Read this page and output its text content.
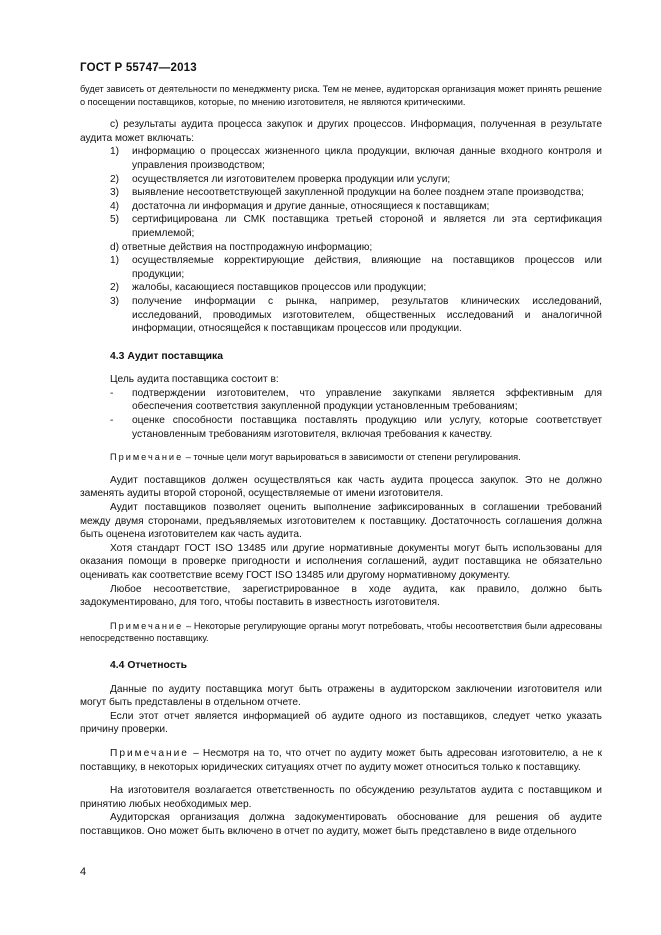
ГОСТ Р 55747—2013

будет зависеть от деятельности по менеджменту риска. Тем не менее, аудиторская организация может принять решение о посещении поставщиков, которые, по мнению изготовителя, не являются критическими.

c) результаты аудита процесса закупок и других процессов. Информация, полученная в результате аудита может включать:

1)	информацию о процессах жизненного цикла продукции, включая данные входного контроля и управления производством;
2)	осуществляется ли изготовителем проверка продукции или услуги;
3)	выявление несоответствующей закупленной продукции на более позднем этапе производства;
4)	достаточна ли информация и другие данные, относящиеся к поставщикам;
5)	сертифицирована ли СМК поставщика третьей стороной и является ли эта сертификация приемлемой;

d) ответные действия на постпродажную информацию;

1)	осуществляемые корректирующие действия, влияющие на поставщиков процессов или продукции;
2)	жалобы, касающиеся поставщиков процессов или продукции;
3)	получение информации с рынка, например, результатов клинических исследований, исследований, проводимых изготовителем, общественных исследований и аналогичной информации, относящейся к поставщикам процессов или продукции.

4.3 Аудит поставщика

Цель аудита поставщика состоит в:

-	подтверждении изготовителем, что управление закупками является эффективным для обеспечения соответствия закупленной продукции установленным требованиям;
-	оценке способности поставщика поставлять продукцию или услугу, которые соответствует установленным требованиям изготовителя, включая требования к качеству.

Примечание – точные цели могут варьироваться в зависимости от степени регулирования.

Аудит поставщиков должен осуществляться как часть аудита процесса закупок. Это не должно заменять аудиты второй стороной, осуществляемые от имени изготовителя.

Аудит поставщиков позволяет оценить выполнение зафиксированных в соглашении требований между двумя сторонами, предъявляемых изготовителем к поставщику. Достаточность соглашения должна быть оценена изготовителем как часть аудита.

Хотя стандарт ГОСТ ISO 13485 или другие нормативные документы могут быть использованы для оказания помощи в проверке пригодности и исполнения соглашений, аудит поставщика не обязательно оценивать как соответствие всему ГОСТ ISO 13485 или другому нормативному документу.

Любое несоответствие, зарегистрированное в ходе аудита, как правило, должно быть задокументировано, для того, чтобы поставить в известность изготовителя.

Примечание – Некоторые регулирующие органы могут потребовать, чтобы несоответствия были адресованы непосредственно поставщику.

4.4 Отчетность

Данные по аудиту поставщика могут быть отражены в аудиторском заключении изготовителя или могут быть представлены в отдельном отчете.

Если этот отчет является информацией об аудите одного из поставщиков, следует четко указать причину проверки.

Примечание – Несмотря на то, что отчет по аудиту может быть адресован изготовителю, а не к поставщику, в некоторых юридических ситуациях отчет по аудиту может относиться только к поставщику.

На изготовителя возлагается ответственность по обсуждению результатов аудита с поставщиком и принятию любых необходимых мер.

Аудиторская организация должна задокументировать обоснование для решения об аудите поставщиков. Оно может быть включено в отчет по аудиту, может быть представлено в виде отдельного

4
